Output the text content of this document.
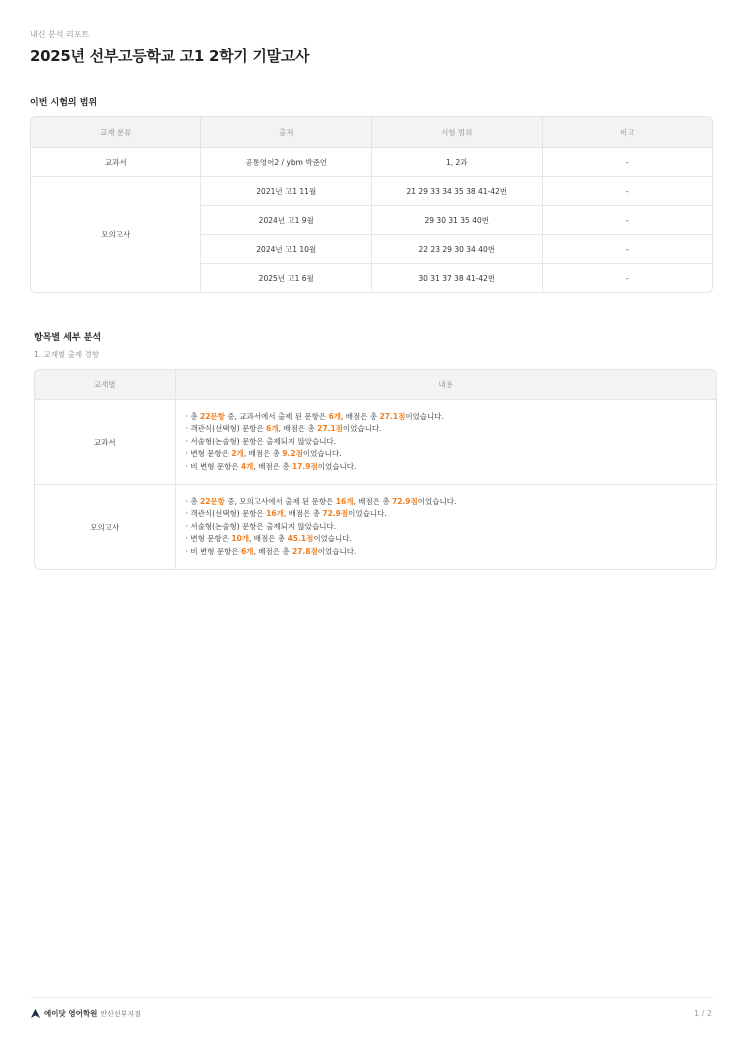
내신 분석 리포트
2025년 선부고등학교 고1 2학기 기말고사
이번 시험의 범위
교재 분류	출처	시험 범위	비고
교과서	공통영어2 / ybm 박준언	1, 2과	-
모의고사	2021년 고1 11월	21 29 33 34 35 38 41-42번	-
	2024년 고1 9월	29 30 31 35 40번	-
	2024년 고1 10월	22 23 29 30 34 40번	-
	2025년 고1 6월	30 31 37 38 41-42번	-
항목별 세부 분석
1. 교재별 출제 경향
교재별	내용
교과서	· 총 22문항 중, 교과서에서 출제 된 문항은 6개, 배점은 총 27.1점이었습니다.
· 객관식(선택형) 문항은 6개, 배점은 총 27.1점이었습니다.
· 서술형(논술형) 문항은 출제되지 않았습니다.
· 변형 문항은 2개, 배점은 총 9.2점이었습니다.
· 비 변형 문항은 4개, 배점은 총 17.9점이었습니다.

모의고사	· 총 22문항 중, 모의고사에서 출제 된 문항은 16개, 배점은 총 72.9점이었습니다.
· 객관식(선택형) 문항은 16개, 배점은 총 72.9점이었습니다.
· 서술형(논술형) 문항은 출제되지 않았습니다.
· 변형 문항은 10개, 배점은 총 45.1점이었습니다.
· 비 변형 문항은 6개, 배점은 총 27.8점이었습니다.
에이닷 영어학원 안산선부지점	1 / 2
